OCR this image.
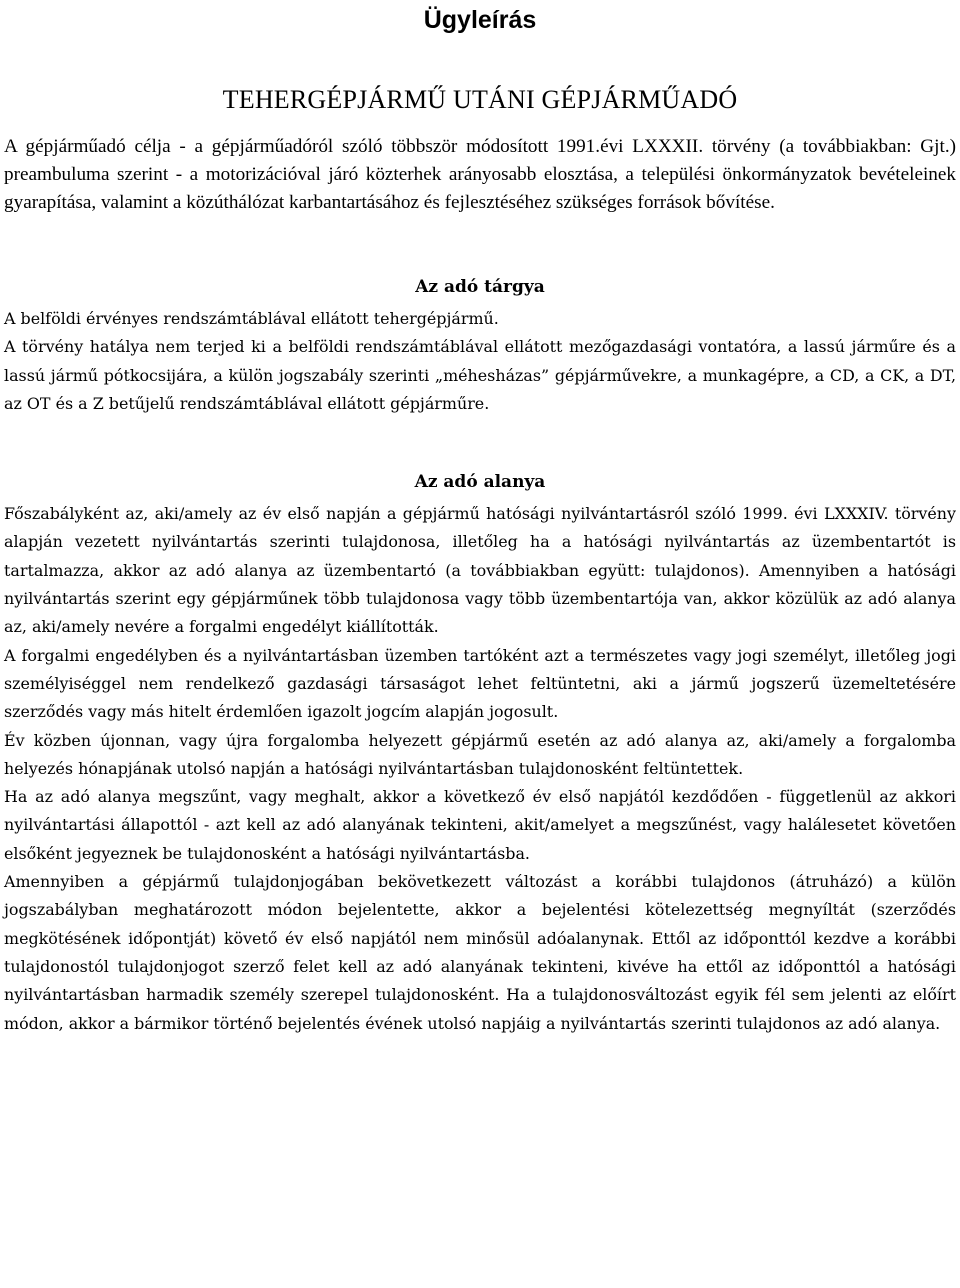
Ügyleírás
TEHERGÉPJÁRMŰ UTÁNI GÉPJÁRMŰADÓ

A gépjárműadó célja - a gépjárműadóról szóló többször módosított 1991.évi LXXXII. törvény (a továbbiakban: Gjt.) preambuluma szerint - a motorizációval járó közterhek arányosabb elosztása, a települési önkormányzatok bevételeinek gyarapítása, valamint a közúthálózat karbantartásához és fejlesztéséhez szükséges források bővítése.

Az adó tárgya

A belföldi érvényes rendszámtáblával ellátott tehergépjármű.

A törvény hatálya nem terjed ki a belföldi rendszámtáblával ellátott mezőgazdasági vontatóra, a lassú járműre és a lassú jármű pótkocsijára, a külön jogszabály szerinti „méhesházas” gépjárművekre, a munkagépre, a CD, a CK, a DT, az OT és a Z betűjelű rendszámtáblával ellátott gépjárműre.

Az adó alanya

Főszabályként az, aki/amely az év első napján a gépjármű hatósági nyilvántartásról szóló 1999. évi LXXXIV. törvény alapján vezetett nyilvántartás szerinti tulajdonosa, illetőleg ha a hatósági nyilvántartás az üzembentartót is tartalmazza, akkor az adó alanya az üzembentartó (a továbbiakban együtt: tulajdonos). Amennyiben a hatósági nyilvántartás szerint egy gépjárműnek több tulajdonosa vagy több üzembentartója van, akkor közülük az adó alanya az, aki/amely nevére a forgalmi engedélyt kiállították.

A forgalmi engedélyben és a nyilvántartásban üzemben tartóként azt a természetes vagy jogi személyt, illetőleg jogi személyiséggel nem rendelkező gazdasági társaságot lehet feltüntetni, aki a jármű jogszerű üzemeltetésére szerződés vagy más hitelt érdemlően igazolt jogcím alapján jogosult.

Év közben újonnan, vagy újra forgalomba helyezett gépjármű esetén az adó alanya az, aki/amely a forgalomba helyezés hónapjának utolsó napján a hatósági nyilvántartásban tulajdonosként feltüntettek.

Ha az adó alanya megszűnt, vagy meghalt, akkor a következő év első napjától kezdődően - függetlenül az akkori nyilvántartási állapottól - azt kell az adó alanyának tekinteni, akit/amelyet a megszűnést, vagy halálesetet követően elsőként jegyeznek be tulajdonosként a hatósági nyilvántartásba.

Amennyiben a gépjármű tulajdonjogában bekövetkezett változást a korábbi tulajdonos (átruházó) a külön jogszabályban meghatározott módon bejelentette, akkor a bejelentési kötelezettség megnyíltát (szerződés megkötésének időpontját) követő év első napjától nem minősül adóalanynak. Ettől az időponttól kezdve a korábbi tulajdonostól tulajdonjogot szerző felet kell az adó alanyának tekinteni, kivéve ha ettől az időponttól a hatósági nyilvántartásban harmadik személy szerepel tulajdonosként. Ha a tulajdonosváltozást egyik fél sem jelenti az előírt módon, akkor a bármikor történő bejelentés évének utolsó napjáig a nyilvántartás szerinti tulajdonos az adó alanya.
